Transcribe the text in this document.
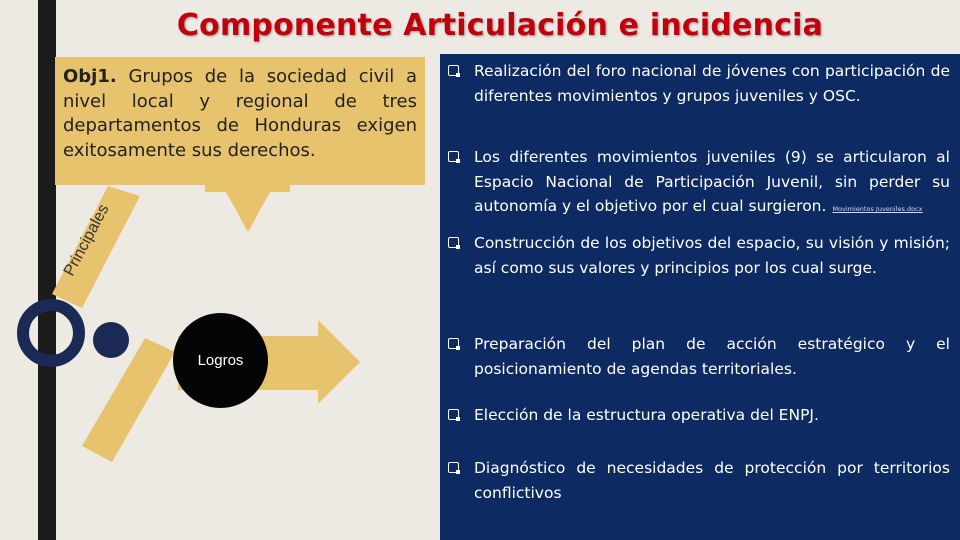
Componente Articulación e incidencia
Obj1. Grupos de la sociedad civil a nivel local y regional de tres departamentos de Honduras exigen exitosamente sus derechos.
Principales
Logros
Realización del foro nacional de jóvenes con participación de diferentes movimientos y grupos juveniles y OSC.
Los diferentes movimientos juveniles (9) se articularon al Espacio Nacional de Participación Juvenil, sin perder su autonomía y el objetivo por el cual surgieron. Movimientos Juveniles.docx
Construcción de los objetivos del espacio, su visión y misión; así como sus valores y principios por los cual surge.
Preparación del plan de acción estratégico y el posicionamiento de agendas territoriales.
Elección de la estructura operativa del ENPJ.
Diagnóstico de necesidades de protección por territorios conflictivos
